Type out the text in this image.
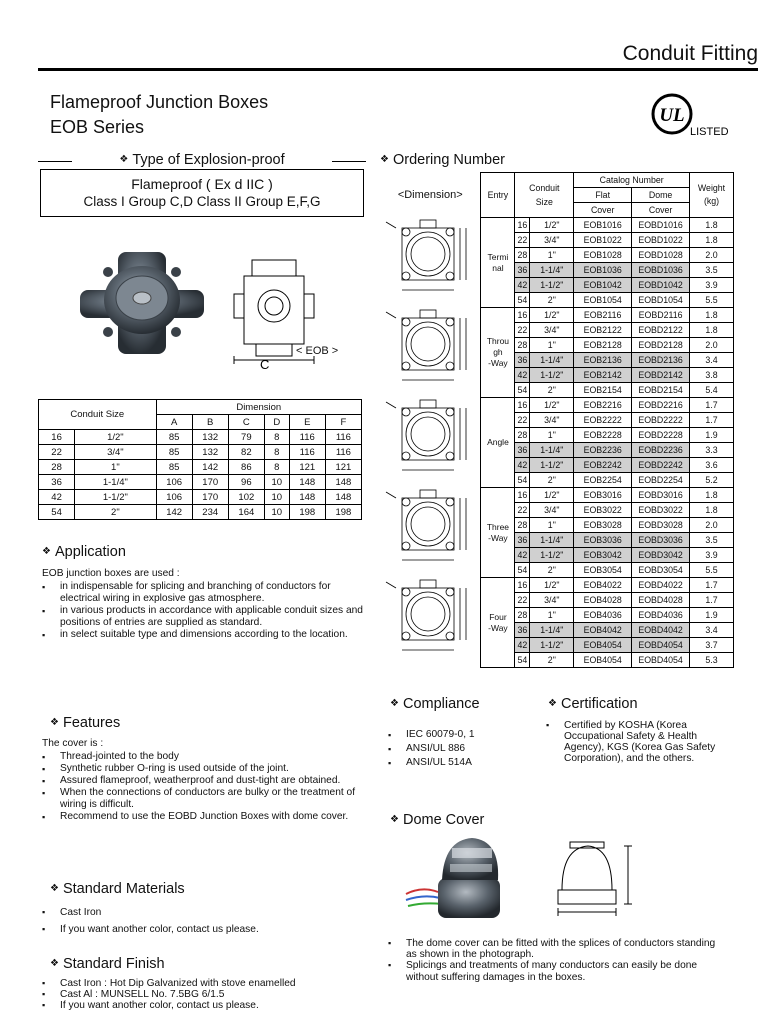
Conduit Fitting
Flameproof Junction Boxes
EOB Series
UL
LISTED
❖ Type of Explosion-proof
Flameproof ( Ex d IIC )
Class I Group C,D Class II Group E,F,G
C
< EOB >
Conduit Size		Dimension					
		A	B	C	D	E	F
16	1/2"	85	132	79	8	116	116
22	3/4"	85	132	82	8	116	116
28	1"	85	142	86	8	121	121
36	1-1/4"	106	170	96	10	148	148
42	1-1/2"	106	170	102	10	148	148
54	2"	142	234	164	10	198	198
❖ Application
EOB junction boxes are used :
▪ in indispensable for splicing and branching of conductors for electrical wiring in explosive gas atmosphere.
▪ in various products in accordance with applicable conduit sizes and positions of entries are supplied as standard.
▪ in select suitable type and dimensions according to the location.
❖ Features
The cover is :
▪ Thread-jointed to the body
▪ Synthetic rubber O-ring is used outside of the joint.
▪ Assured flameproof, weatherproof and dust-tight are obtained.
▪ When the connections of conductors are bulky or the treatment of wiring is difficult.
▪ Recommend to use the EOBD Junction Boxes with dome cover.
❖ Standard Materials
▪ Cast Iron
▪ If you want another color, contact us please.
❖ Standard Finish
▪ Cast Iron : Hot Dip Galvanized with stove enamelled
▪ Cast Al : MUNSELL No. 7.5BG 6/1.5
▪ If you want another color, contact us please.
❖ Ordering Number
<Dimension>	Entry	Conduit
Size		Catalog Number		Weight
(kg)
				Flat	Dome	
				Cover	Cover	

Termi
nal	16	1/2"	EOB1016	EOBD1016	1.8
		22	3/4"	EOB1022	EOBD1022	1.8
		28	1"	EOB1028	EOBD1028	2.0
		36	1-1/4"	EOB1036	EOBD1036	3.5
		42	1-1/2"	EOB1042	EOBD1042	3.9
		54	2"	EOB1054	EOBD1054	5.5

Throu
gh
-Way	16	1/2"	EOB2116	EOBD2116	1.8
		22	3/4"	EOB2122	EOBD2122	1.8
		28	1"	EOB2128	EOBD2128	2.0
		36	1-1/4"	EOB2136	EOBD2136	3.4
		42	1-1/2"	EOB2142	EOBD2142	3.8
		54	2"	EOB2154	EOBD2154	5.4

Angle	16	1/2"	EOB2216	EOBD2216	1.7
		22	3/4"	EOB2222	EOBD2222	1.7
		28	1"	EOB2228	EOBD2228	1.9
		36	1-1/4"	EOB2236	EOBD2236	3.3
		42	1-1/2"	EOB2242	EOBD2242	3.6
		54	2"	EOB2254	EOBD2254	5.2

Three
-Way	16	1/2"	EOB3016	EOBD3016	1.8
		22	3/4"	EOB3022	EOBD3022	1.8
		28	1"	EOB3028	EOBD3028	2.0
		36	1-1/4"	EOB3036	EOBD3036	3.5
		42	1-1/2"	EOB3042	EOBD3042	3.9
		54	2"	EOB3054	EOBD3054	5.5

Four
-Way	16	1/2"	EOB4022	EOBD4022	1.7
		22	3/4"	EOB4028	EOBD4028	1.7
		28	1"	EOB4036	EOBD4036	1.9
		36	1-1/4"	EOB4042	EOBD4042	3.4
		42	1-1/2"	EOB4054	EOBD4054	3.7
		54	2"	EOB4054	EOBD4054	5.3
❖ Compliance
▪ IEC 60079-0, 1
▪ ANSI/UL 886
▪ ANSI/UL 514A
❖ Certification
▪ Certified by KOSHA (Korea Occupational Safety & Health Agency), KGS (Korea Gas Safety Corporation), and the others.
❖ Dome Cover
▪ The dome cover can be fitted with the splices of conductors standing as shown in the photograph.
▪ Splicings and treatments of many conductors can easily be done without suffering damages in the boxes.
